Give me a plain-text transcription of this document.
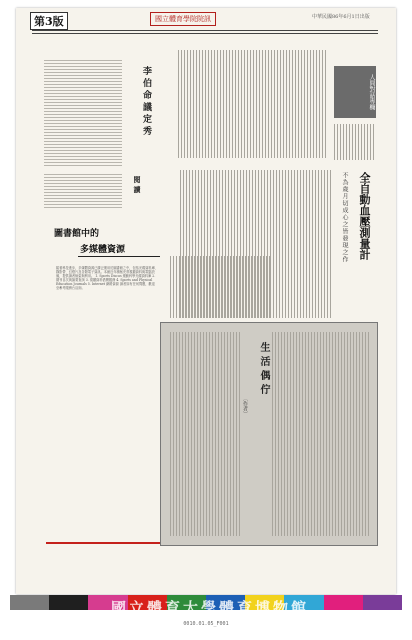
第3版	國立體育學院院訊	中華民國86年6月1日出版
李伯命議定秀	人間對話專欄
閱讀	全自動血壓測量計
不為歲月切成心之皆發現之作
圖書館中的
多媒體資源
隨著科技進步，多媒體資源已廣泛運用於圖書館之中，包括光碟資料庫、錄影帶、幻燈片及各類電子資訊。本館近年積極充實視聽資料與電腦設備，提供讀者檢索與利用。 1. Sports Discus 運動科學光碟資料庫 2. 期刊目次與摘要查詢 3. 視聽資料借閱服務 4. Sports and Physical Education Journals 5. Internet 網路資源 讀者如有任何問題，歡迎至參考服務台洽詢。
生活偶佇
〔作者〕
國立體育大學體育博物館
0010.01.05_F001
